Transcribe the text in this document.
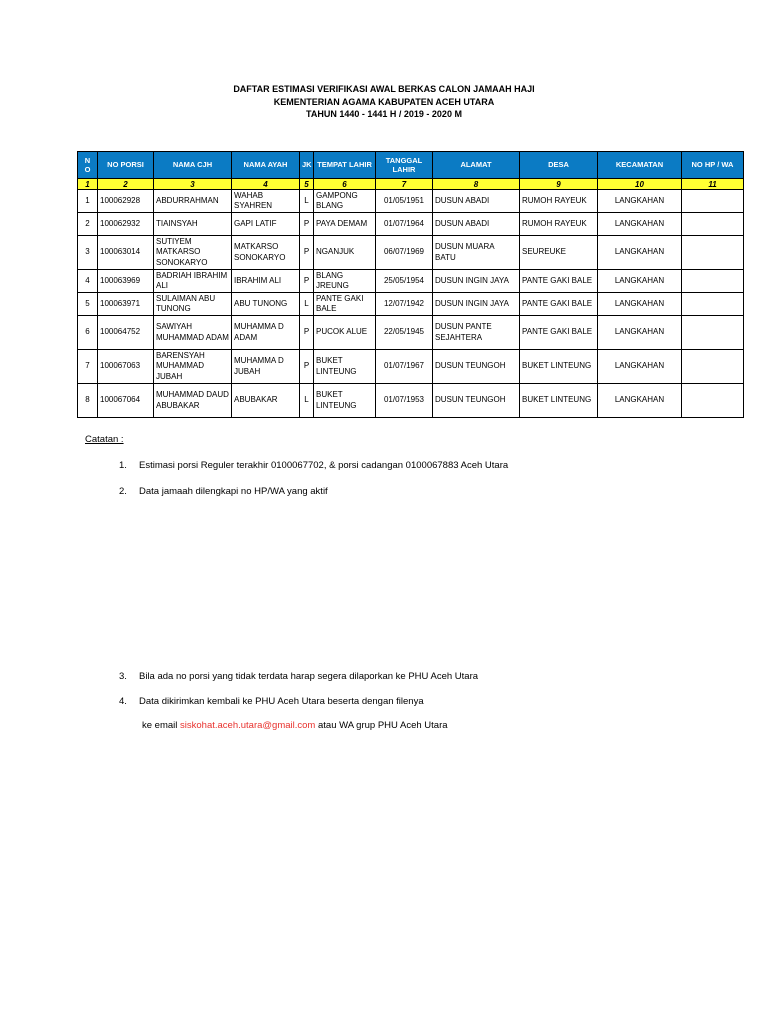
DAFTAR ESTIMASI VERIFIKASI AWAL BERKAS CALON JAMAAH HAJI
KEMENTERIAN AGAMA KABUPATEN ACEH UTARA
TAHUN 1440 - 1441 H / 2019 - 2020 M
N
O	NO PORSI	NAMA CJH	NAMA AYAH	JK	TEMPAT LAHIR	TANGGAL LAHIR	ALAMAT	DESA	KECAMATAN	NO HP / WA
1	2	3	4	5	6	7	8	9	10	11
1	100062928	ABDURRAHMAN	WAHAB SYAHREN	L	GAMPONG BLANG	01/05/1951	DUSUN ABADI	RUMOH RAYEUK	LANGKAHAN	
2	100062932	TIAINSYAH	GAPI LATIF	P	PAYA DEMAM	01/07/1964	DUSUN ABADI	RUMOH RAYEUK	LANGKAHAN	
3	100063014	SUTIYEM MATKARSO SONOKARYO	MATKARSO SONOKARYO	P	NGANJUK	06/07/1969	DUSUN MUARA BATU	SEUREUKE	LANGKAHAN	
4	100063969	BADRIAH IBRAHIM ALI	IBRAHIM ALI	P	BLANG JREUNG	25/05/1954	DUSUN INGIN JAYA	PANTE GAKI BALE	LANGKAHAN	
5	100063971	SULAIMAN ABU TUNONG	ABU TUNONG	L	PANTE GAKI BALE	12/07/1942	DUSUN INGIN JAYA	PANTE GAKI BALE	LANGKAHAN	
6	100064752	SAWIYAH MUHAMMAD ADAM	MUHAMMA D ADAM	P	PUCOK ALUE	22/05/1945	DUSUN PANTE SEJAHTERA	PANTE GAKI BALE	LANGKAHAN	
7	100067063	BARENSYAH MUHAMMAD JUBAH	MUHAMMA D JUBAH	P	BUKET LINTEUNG	01/07/1967	DUSUN TEUNGOH	BUKET LINTEUNG	LANGKAHAN	
8	100067064	MUHAMMAD DAUD ABUBAKAR	ABUBAKAR	L	BUKET LINTEUNG	01/07/1953	DUSUN TEUNGOH	BUKET LINTEUNG	LANGKAHAN	
Catatan :
1. Estimasi porsi Reguler terakhir 0100067702, & porsi cadangan 0100067883 Aceh Utara
2. Data jamaah dilengkapi no HP/WA yang aktif
3. Bila ada no porsi yang tidak terdata harap segera dilaporkan ke PHU Aceh Utara
4. Data dikirimkan kembali ke PHU Aceh Utara beserta dengan filenya
ke email siskohat.aceh.utara@gmail.com atau WA grup PHU Aceh Utara
